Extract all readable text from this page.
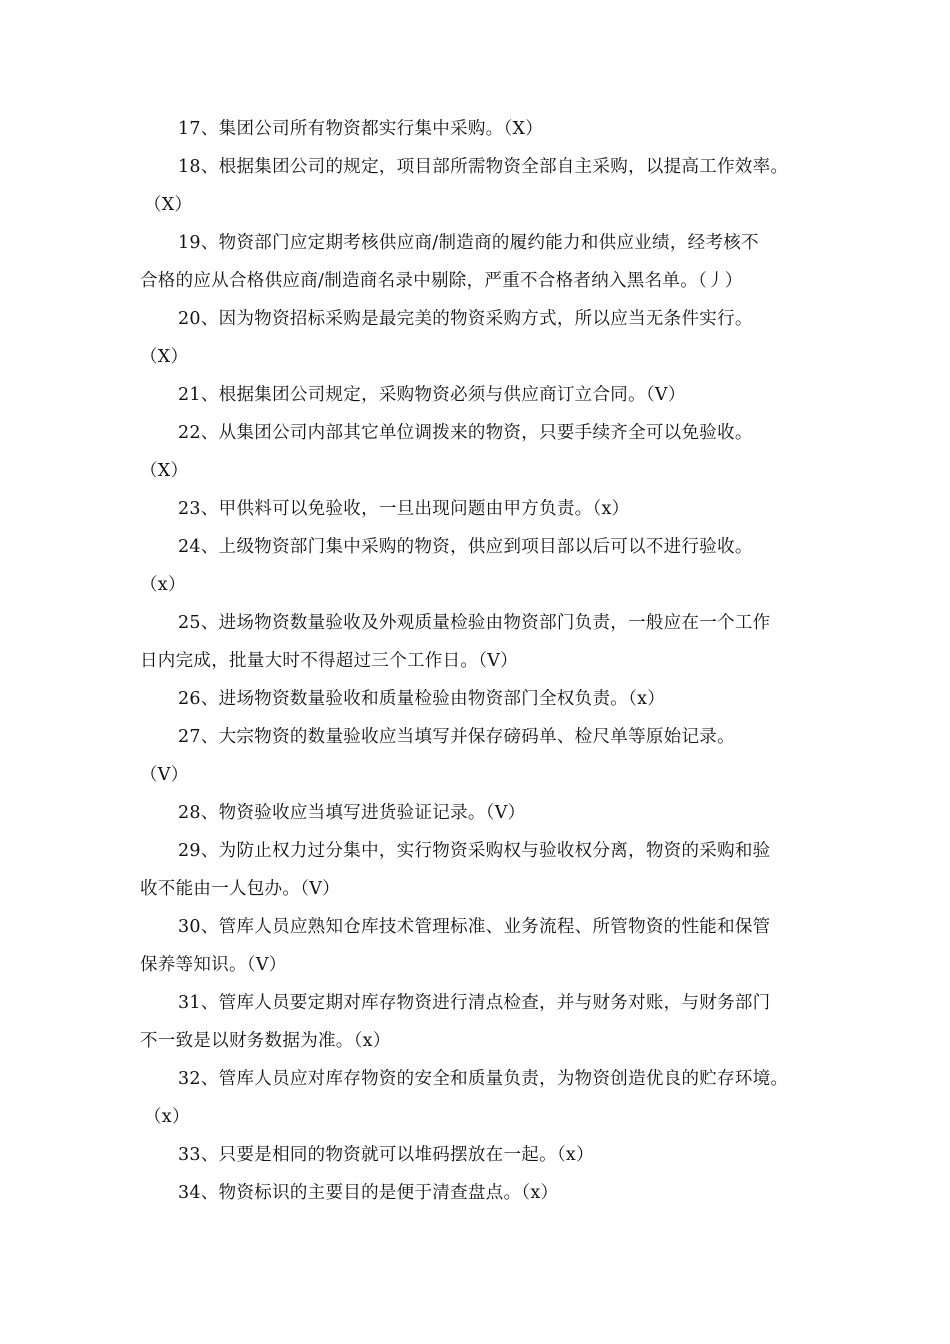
17、集团公司所有物资都实行集中采购。（X）
18、根据集团公司的规定，项目部所需物资全部自主采购，以提高工作效率。
（X）
19、物资部门应定期考核供应商/制造商的履约能力和供应业绩，经考核不
合格的应从合格供应商/制造商名录中剔除，严重不合格者纳入黑名单。（丿）
20、因为物资招标采购是最完美的物资采购方式，所以应当无条件实行。
（X）
21、根据集团公司规定，采购物资必须与供应商订立合同。（V）
22、从集团公司内部其它单位调拨来的物资，只要手续齐全可以免验收。
（X）
23、甲供料可以免验收，一旦出现问题由甲方负责。（x）
24、上级物资部门集中采购的物资，供应到项目部以后可以不进行验收。
（x）
25、进场物资数量验收及外观质量检验由物资部门负责，一般应在一个工作
日内完成，批量大时不得超过三个工作日。（V）
26、进场物资数量验收和质量检验由物资部门全权负责。（x）
27、大宗物资的数量验收应当填写并保存磅码单、检尺单等原始记录。
（V）
28、物资验收应当填写进货验证记录。（V）
29、为防止权力过分集中，实行物资采购权与验收权分离，物资的采购和验
收不能由一人包办。（V）
30、管库人员应熟知仓库技术管理标准、业务流程、所管物资的性能和保管
保养等知识。（V）
31、管库人员要定期对库存物资进行清点检查，并与财务对账，与财务部门
不一致是以财务数据为准。（x）
32、管库人员应对库存物资的安全和质量负责，为物资创造优良的贮存环境。
（x）
33、只要是相同的物资就可以堆码摆放在一起。（x）
34、物资标识的主要目的是便于清查盘点。（x）
